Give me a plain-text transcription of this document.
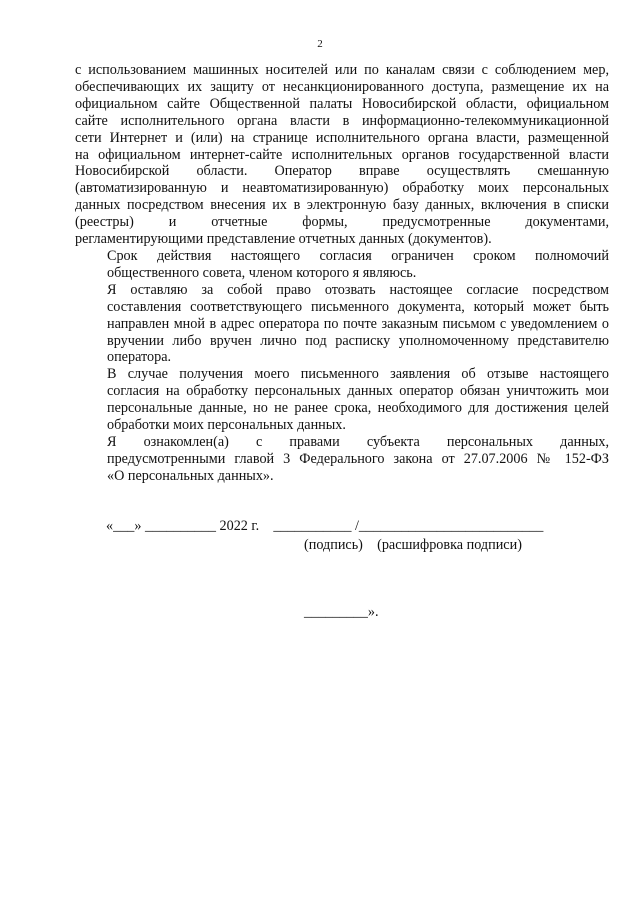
2
с использованием машинных носителей или по каналам связи с соблюдением мер,
обеспечивающих их защиту от несанкционированного доступа, размещение их на
официальном сайте Общественной палаты Новосибирской области, официальном
сайте исполнительного органа власти в информационно-телекоммуникационной
сети Интернет и (или) на странице исполнительного органа власти, размещенной
на официальном интернет-сайте исполнительных органов государственной власти
Новосибирской области. Оператор вправе осуществлять смешанную
(автоматизированную и неавтоматизированную) обработку моих персональных
данных посредством внесения их в электронную базу данных, включения в списки
(реестры) и отчетные формы, предусмотренные документами,
регламентирующими представление отчетных данных (документов).
Срок действия настоящего согласия ограничен сроком полномочий
общественного совета, членом которого я являюсь.
Я оставляю за собой право отозвать настоящее согласие посредством
составления соответствующего письменного документа, который может быть
направлен мной в адрес оператора по почте заказным письмом с уведомлением о
вручении либо вручен лично под расписку уполномоченному представителю
оператора.
В случае получения моего письменного заявления об отзыве настоящего
согласия на обработку персональных данных оператор обязан уничтожить мои
персональные данные, но не ранее срока, необходимого для достижения целей
обработки моих персональных данных.
Я ознакомлен(а) с правами субъекта персональных данных,
предусмотренными главой 3 Федерального закона от 27.07.2006 № 152-ФЗ
«О персональных данных».
«___» __________ 2022 г. ___________ /__________________________
(подпись) (расшифровка подписи)
_________».
